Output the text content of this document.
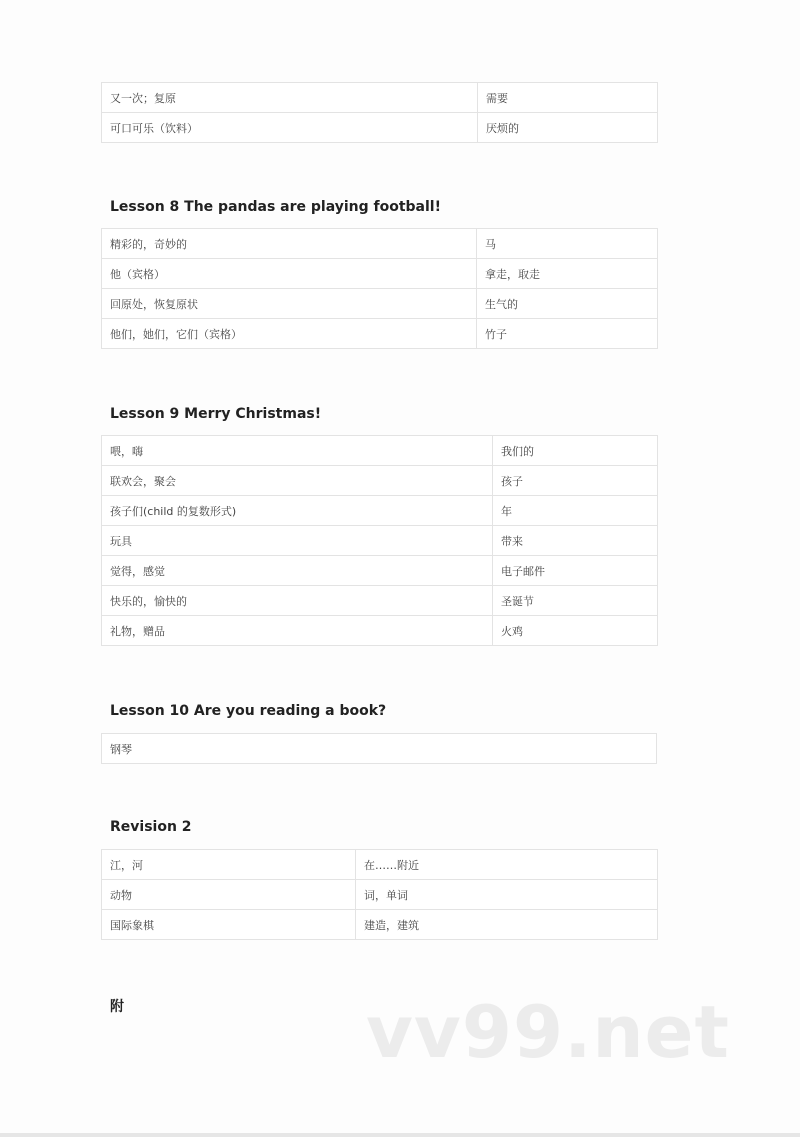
又一次；复原	需要
可口可乐（饮料）	厌烦的
Lesson 8 The pandas are playing football!
精彩的，奇妙的	马
他（宾格）	拿走，取走
回原处，恢复原状	生气的
他们，她们，它们（宾格）	竹子
Lesson 9 Merry Christmas!
喂，嗨	我们的
联欢会，聚会	孩子
孩子们(child 的复数形式)	年
玩具	带来
觉得，感觉	电子邮件
快乐的，愉快的	圣诞节
礼物，赠品	火鸡
Lesson 10 Are you reading a book?
钢琴
Revision 2
江，河	在……附近
动物	词，单词
国际象棋	建造，建筑
附	vv99.net
